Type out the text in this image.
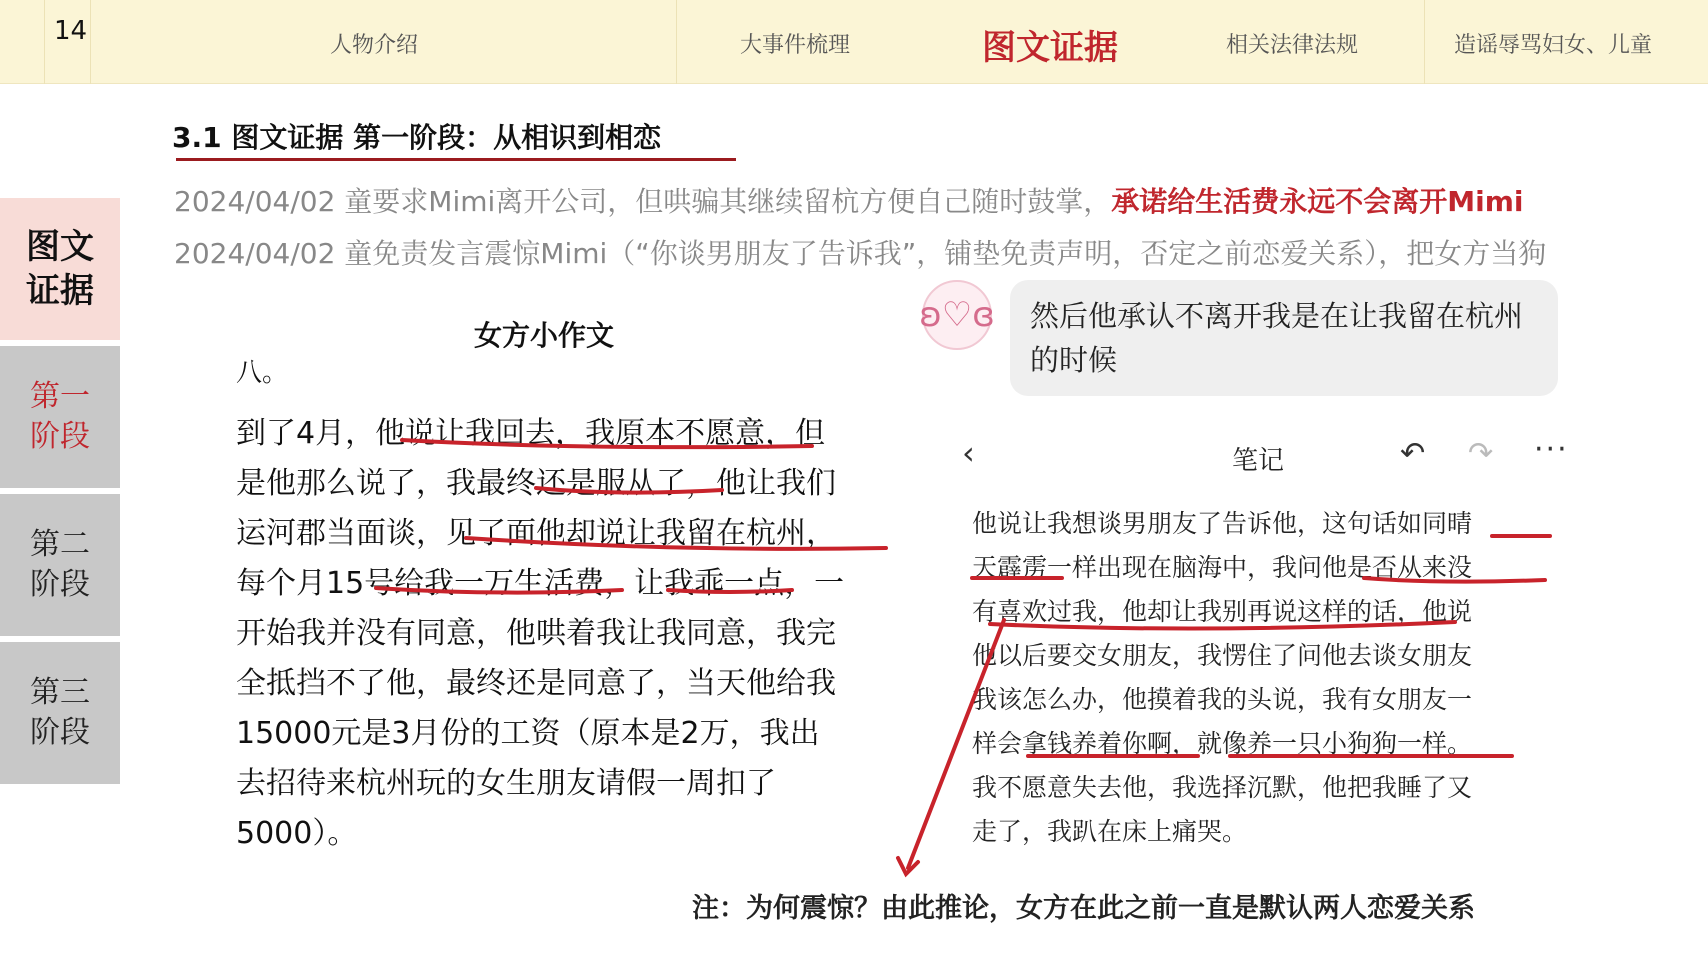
14	人物介绍	大事件梳理	图文证据	相关法律法规	造谣辱骂妇女、儿童
图文
证据
第一
阶段
第二
阶段
第三
阶段
3.1 图文证据 第一阶段：从相识到相恋
2024/04/02 童要求Mimi离开公司，但哄骗其继续留杭方便自己随时鼓掌，承诺给生活费永远不会离开Mimi
2024/04/02 童免责发言震惊Mimi（“你谈男朋友了告诉我”，铺垫免责声明，否定之前恋爱关系），把女方当狗
女方小作文
八。
到了4月，他说让我回去，我原本不愿意，但
是他那么说了，我最终还是服从了，他让我们
运河郡当面谈，见了面他却说让我留在杭州，
每个月15号给我一万生活费，让我乖一点，一
开始我并没有同意，他哄着我让我同意，我完
全抵挡不了他，最终还是同意了，当天他给我
15000元是3月份的工资（原本是2万，我出
去招待来杭州玩的女生朋友请假一周扣了
5000）。
ʚ♡ɞ	然后他承认不离开我是在让我留在杭州的时候
‹	笔记	↶ ↷ ···
他说让我想谈男朋友了告诉他，这句话如同晴
天霹雳一样出现在脑海中，我问他是否从来没
有喜欢过我，他却让我别再说这样的话，他说
他以后要交女朋友，我愣住了问他去谈女朋友
我该怎么办，他摸着我的头说，我有女朋友一
样会拿钱养着你啊，就像养一只小狗狗一样。
我不愿意失去他，我选择沉默，他把我睡了又
走了，我趴在床上痛哭。
注：为何震惊？由此推论，女方在此之前一直是默认两人恋爱关系
